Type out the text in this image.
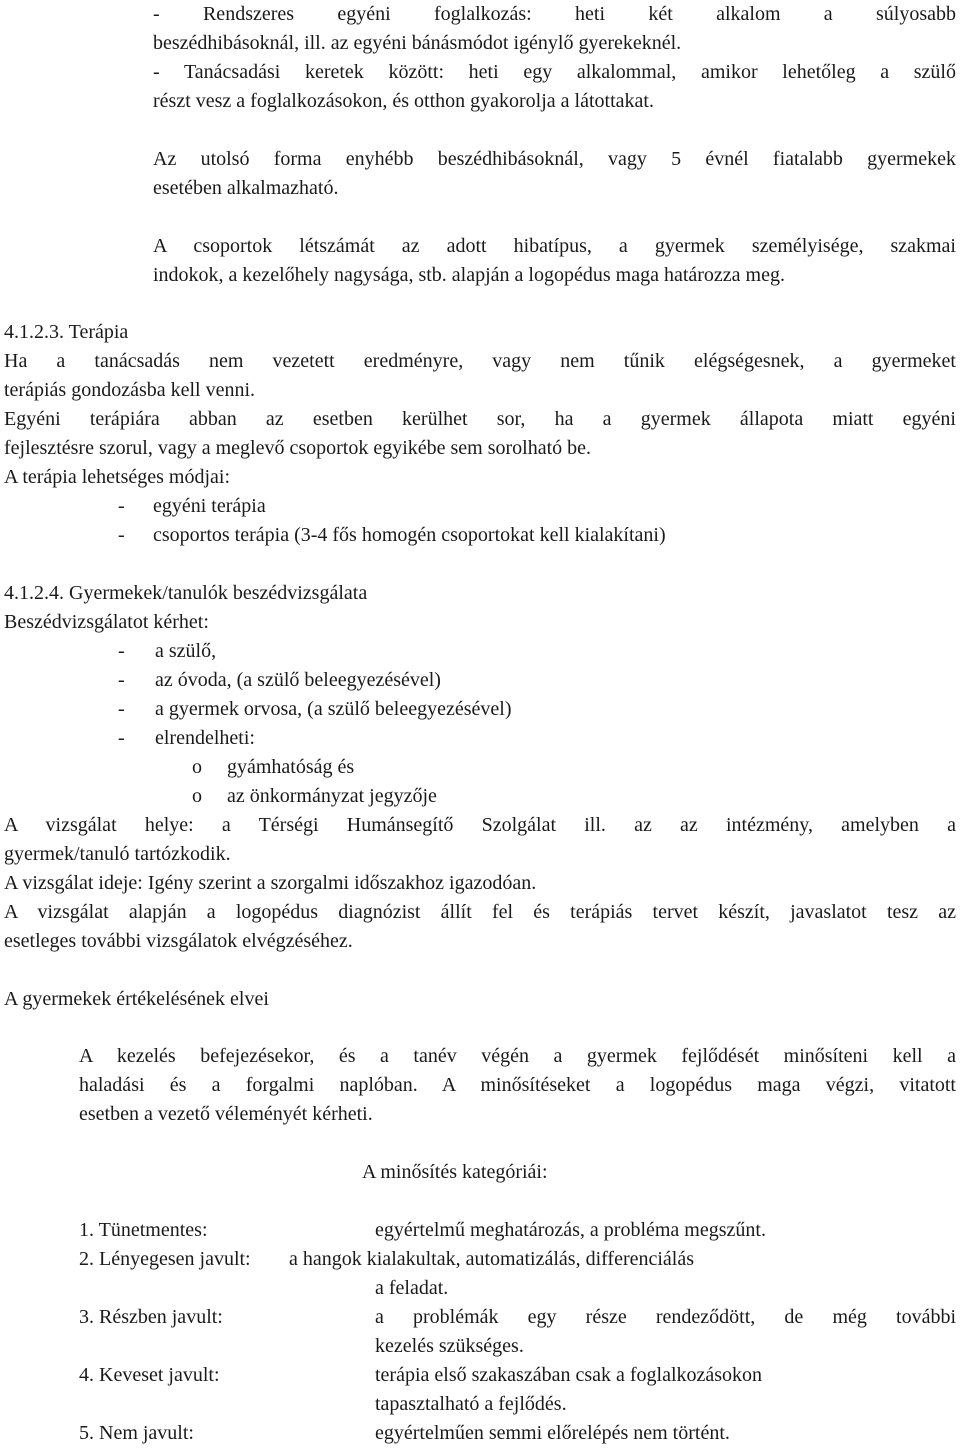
- Rendszeres egyéni foglalkozás: heti két alkalom a súlyosabb
beszédhibásoknál, ill. az egyéni bánásmódot igénylő gyerekeknél.
- Tanácsadási keretek között: heti egy alkalommal, amikor lehetőleg a szülő
részt vesz a foglalkozásokon, és otthon gyakorolja a látottakat.
Az utolsó forma enyhébb beszédhibásoknál, vagy 5 évnél fiatalabb gyermekek
esetében alkalmazható.
A csoportok létszámát az adott hibatípus, a gyermek személyisége, szakmai
indokok, a kezelőhely nagysága, stb. alapján a logopédus maga határozza meg.
4.1.2.3. Terápia
Ha a tanácsadás nem vezetett eredményre, vagy nem tűnik elégségesnek, a gyermeket
terápiás gondozásba kell venni.
Egyéni terápiára abban az esetben kerülhet sor, ha a gyermek állapota miatt egyéni
fejlesztésre szorul, vagy a meglevő csoportok egyikébe sem sorolható be.
A terápia lehetséges módjai:
- egyéni terápia
- csoportos terápia (3-4 fős homogén csoportokat kell kialakítani)
4.1.2.4. Gyermekek/tanulók beszédvizsgálata
Beszédvizsgálatot kérhet:
- a szülő,
- az óvoda, (a szülő beleegyezésével)
- a gyermek orvosa, (a szülő beleegyezésével)
- elrendelheti:
o gyámhatóság és
o az önkormányzat jegyzője
A vizsgálat helye: a Térségi Humánsegítő Szolgálat ill. az az intézmény, amelyben a
gyermek/tanuló tartózkodik.
A vizsgálat ideje: Igény szerint a szorgalmi időszakhoz igazodóan.
A vizsgálat alapján a logopédus diagnózist állít fel és terápiás tervet készít, javaslatot tesz az
esetleges további vizsgálatok elvégzéséhez.
A gyermekek értékelésének elvei
A kezelés befejezésekor, és a tanév végén a gyermek fejlődését minősíteni kell a
haladási és a forgalmi naplóban. A minősítéseket a logopédus maga végzi, vitatott
esetben a vezető véleményét kérheti.
A minősítés kategóriái:
1. Tünetmentes:	egyértelmű meghatározás, a probléma megszűnt.
2. Lényegesen javult: a hangok kialakultak, automatizálás, differenciálás
a feladat.
3. Részben javult:	a problémák egy része rendeződött, de még további
kezelés szükséges.
4. Keveset javult:	terápia első szakaszában csak a foglalkozásokon
tapasztalható a fejlődés.
5. Nem javult:	egyértelműen semmi előrelépés nem történt.
